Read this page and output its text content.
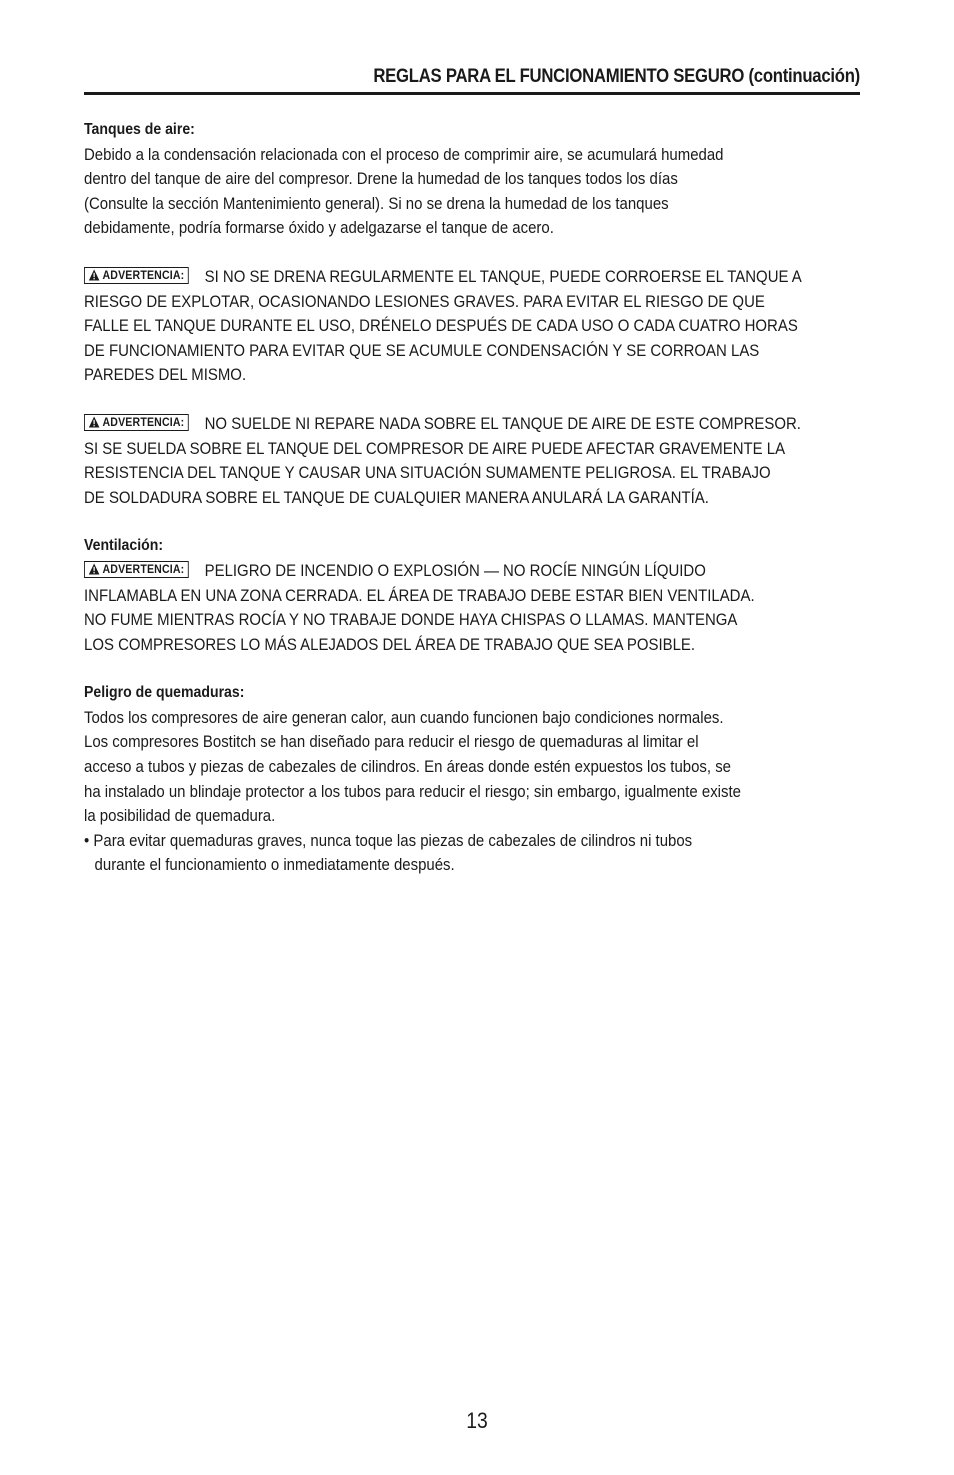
REGLAS PARA EL FUNCIONAMIENTO SEGURO (continuación)
Tanques de aire:
Debido a la condensación relacionada con el proceso de comprimir aire, se acumulará humedad
dentro del tanque de aire del compresor. Drene la humedad de los tanques todos los días
(Consulte la sección Mantenimiento general). Si no se drena la humedad de los tanques
debidamente, podría formarse óxido y adelgazarse el tanque de acero.
ADVERTENCIA: SI NO SE DRENA REGULARMENTE EL TANQUE, PUEDE CORROERSE EL TANQUE A
RIESGO DE EXPLOTAR, OCASIONANDO LESIONES GRAVES. PARA EVITAR EL RIESGO DE QUE
FALLE EL TANQUE DURANTE EL USO, DRÉNELO DESPUÉS DE CADA USO O CADA CUATRO HORAS
DE FUNCIONAMIENTO PARA EVITAR QUE SE ACUMULE CONDENSACIÓN Y SE CORROAN LAS
PAREDES DEL MISMO.
ADVERTENCIA: NO SUELDE NI REPARE NADA SOBRE EL TANQUE DE AIRE DE ESTE COMPRESOR.
SI SE SUELDA SOBRE EL TANQUE DEL COMPRESOR DE AIRE PUEDE AFECTAR GRAVEMENTE LA
RESISTENCIA DEL TANQUE Y CAUSAR UNA SITUACIÓN SUMAMENTE PELIGROSA. EL TRABAJO
DE SOLDADURA SOBRE EL TANQUE DE CUALQUIER MANERA ANULARÁ LA GARANTÍA.
Ventilación:
ADVERTENCIA: PELIGRO DE INCENDIO O EXPLOSIÓN — NO ROCÍE NINGÚN LÍQUIDO
INFLAMABLA EN UNA ZONA CERRADA. EL ÁREA DE TRABAJO DEBE ESTAR BIEN VENTILADA.
NO FUME MIENTRAS ROCÍA Y NO TRABAJE DONDE HAYA CHISPAS O LLAMAS. MANTENGA
LOS COMPRESORES LO MÁS ALEJADOS DEL ÁREA DE TRABAJO QUE SEA POSIBLE.
Peligro de quemaduras:
Todos los compresores de aire generan calor, aun cuando funcionen bajo condiciones normales.
Los compresores Bostitch se han diseñado para reducir el riesgo de quemaduras al limitar el
acceso a tubos y piezas de cabezales de cilindros. En áreas donde estén expuestos los tubos, se
ha instalado un blindaje protector a los tubos para reducir el riesgo; sin embargo, igualmente existe
la posibilidad de quemadura.
• Para evitar quemaduras graves, nunca toque las piezas de cabezales de cilindros ni tubos
durante el funcionamiento o inmediatamente después.
13
